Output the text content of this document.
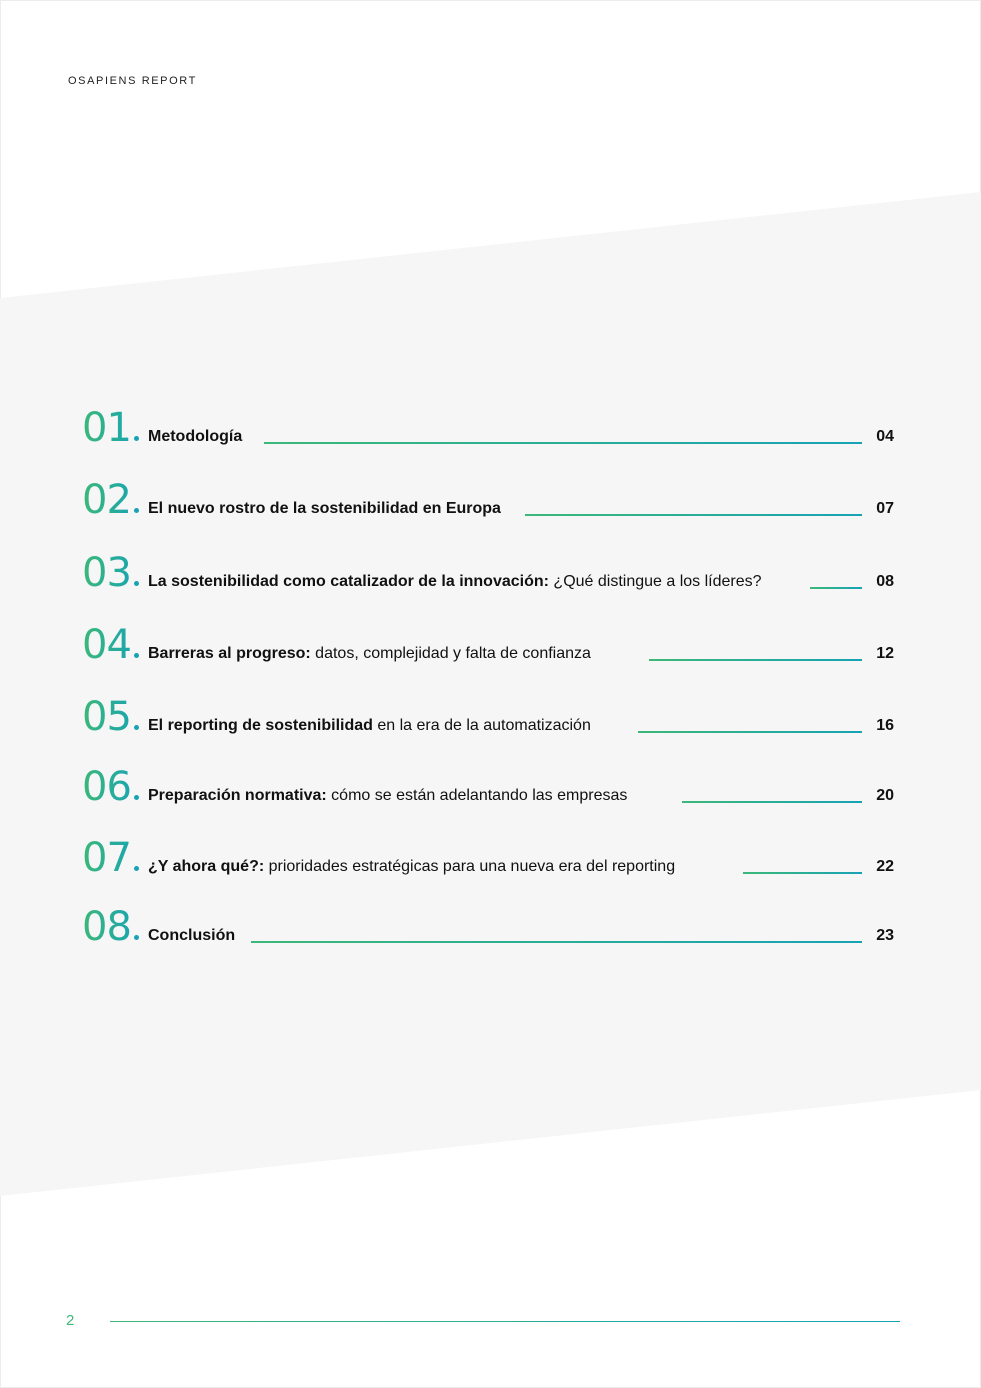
OSAPIENS REPORT
01	Metodología	04
02	El nuevo rostro de la sostenibilidad en Europa	07
03	La sostenibilidad como catalizador de la innovación: ¿Qué distingue a los líderes?	08
04	Barreras al progreso: datos, complejidad y falta de confianza	12
05	El reporting de sostenibilidad en la era de la automatización	16
06	Preparación normativa: cómo se están adelantando las empresas	20
07	¿Y ahora qué?: prioridades estratégicas para una nueva era del reporting	22
08	Conclusión	23
2
